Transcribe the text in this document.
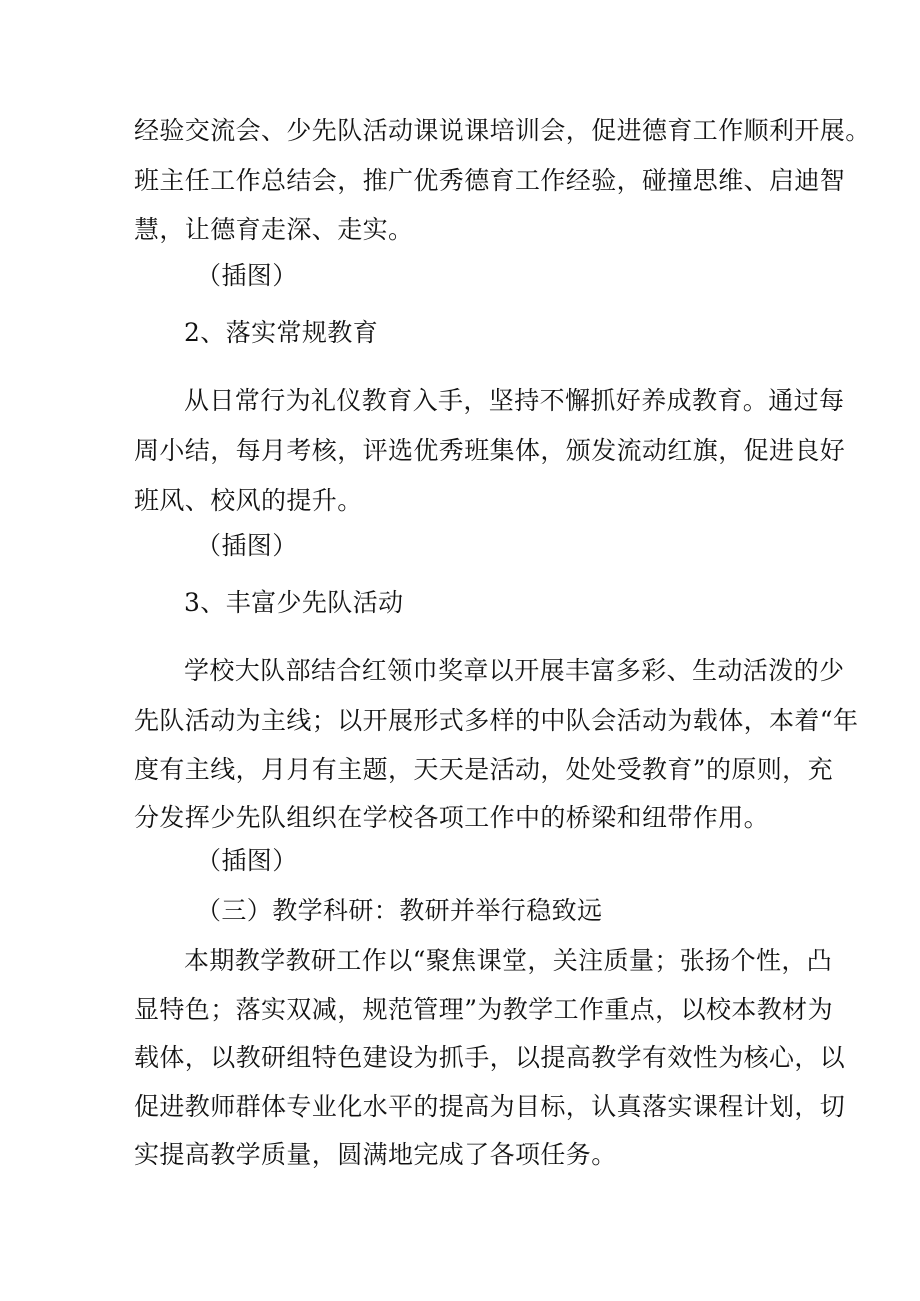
经验交流会、少先队活动课说课培训会，促进德育工作顺利开展。
班主任工作总结会，推广优秀德育工作经验，碰撞思维、启迪智
慧，让德育走深、走实。
（插图）
2、落实常规教育
从日常行为礼仪教育入手，坚持不懈抓好养成教育。通过每
周小结，每月考核，评选优秀班集体，颁发流动红旗，促进良好
班风、校风的提升。
（插图）
3、丰富少先队活动
学校大队部结合红领巾奖章以开展丰富多彩、生动活泼的少
先队活动为主线；以开展形式多样的中队会活动为载体，本着“年
度有主线，月月有主题，天天是活动，处处受教育”的原则，充
分发挥少先队组织在学校各项工作中的桥梁和纽带作用。
（插图）
（三）教学科研：教研并举行稳致远
本期教学教研工作以“聚焦课堂，关注质量；张扬个性，凸
显特色；落实双减，规范管理”为教学工作重点，以校本教材为
载体，以教研组特色建设为抓手，以提高教学有效性为核心，以
促进教师群体专业化水平的提高为目标，认真落实课程计划，切
实提高教学质量，圆满地完成了各项任务。
